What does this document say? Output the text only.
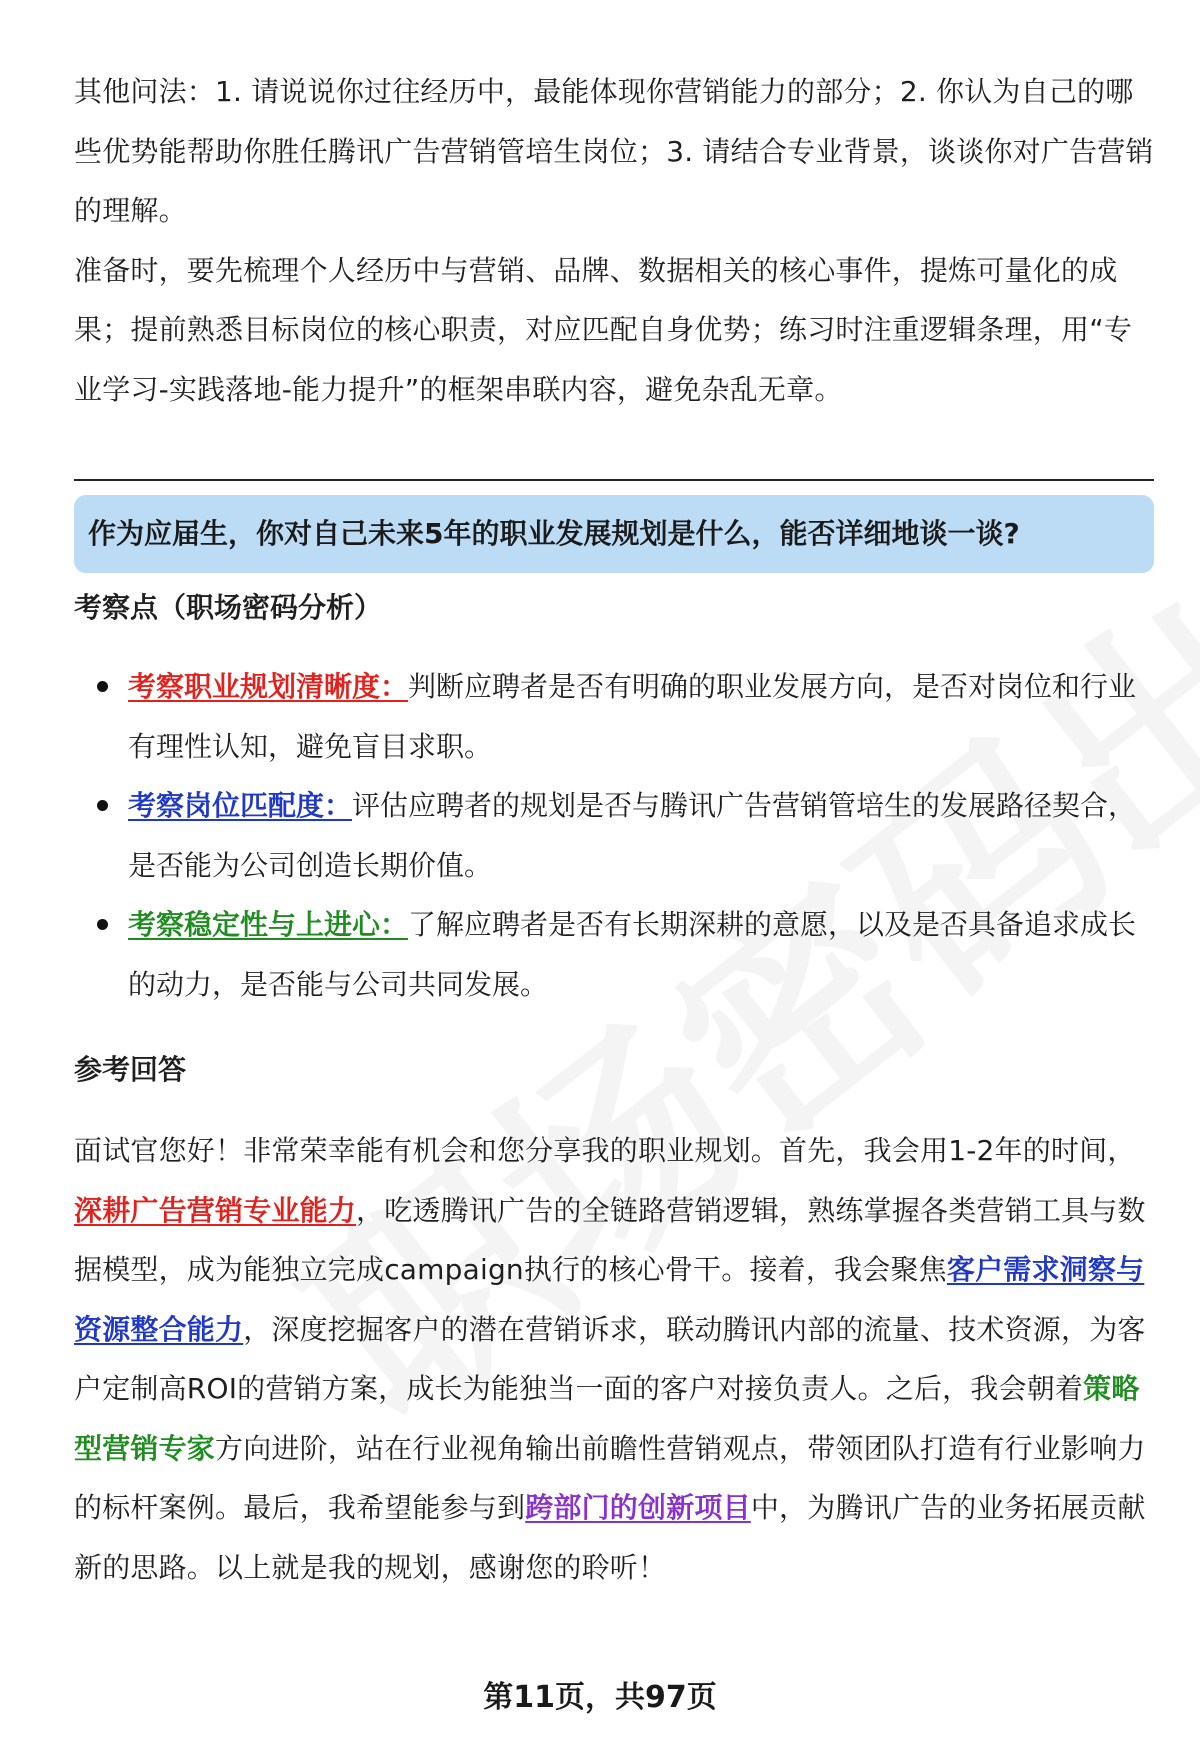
其他问法：1. 请说说你过往经历中，最能体现你营销能力的部分；2. 你认为自己的哪些优势能帮助你胜任腾讯广告营销管培生岗位；3. 请结合专业背景，谈谈你对广告营销的理解。

准备时，要先梳理个人经历中与营销、品牌、数据相关的核心事件，提炼可量化的成果；提前熟悉目标岗位的核心职责，对应匹配自身优势；练习时注重逻辑条理，用“专业学习-实践落地-能力提升”的框架串联内容，避免杂乱无章。

作为应届生，你对自己未来5年的职业发展规划是什么，能否详细地谈一谈?
考察点（职场密码分析）
考察职业规划清晰度：判断应聘者是否有明确的职业发展方向，是否对岗位和行业有理性认知，避免盲目求职。
考察岗位匹配度：评估应聘者的规划是否与腾讯广告营销管培生的发展路径契合，是否能为公司创造长期价值。
考察稳定性与上进心：了解应聘者是否有长期深耕的意愿，以及是否具备追求成长的动力，是否能与公司共同发展。
参考回答

面试官您好！非常荣幸能有机会和您分享我的职业规划。首先，我会用1-2年的时间，深耕广告营销专业能力，吃透腾讯广告的全链路营销逻辑，熟练掌握各类营销工具与数据模型，成为能独立完成campaign执行的核心骨干。接着，我会聚焦客户需求洞察与资源整合能力，深度挖掘客户的潜在营销诉求，联动腾讯内部的流量、技术资源，为客户定制高ROI的营销方案，成长为能独当一面的客户对接负责人。之后，我会朝着策略型营销专家方向进阶，站在行业视角输出前瞻性营销观点，带领团队打造有行业影响力的标杆案例。最后，我希望能参与到跨部门的创新项目中，为腾讯广告的业务拓展贡献新的思路。以上就是我的规划，感谢您的聆听！

第11页，共97页
